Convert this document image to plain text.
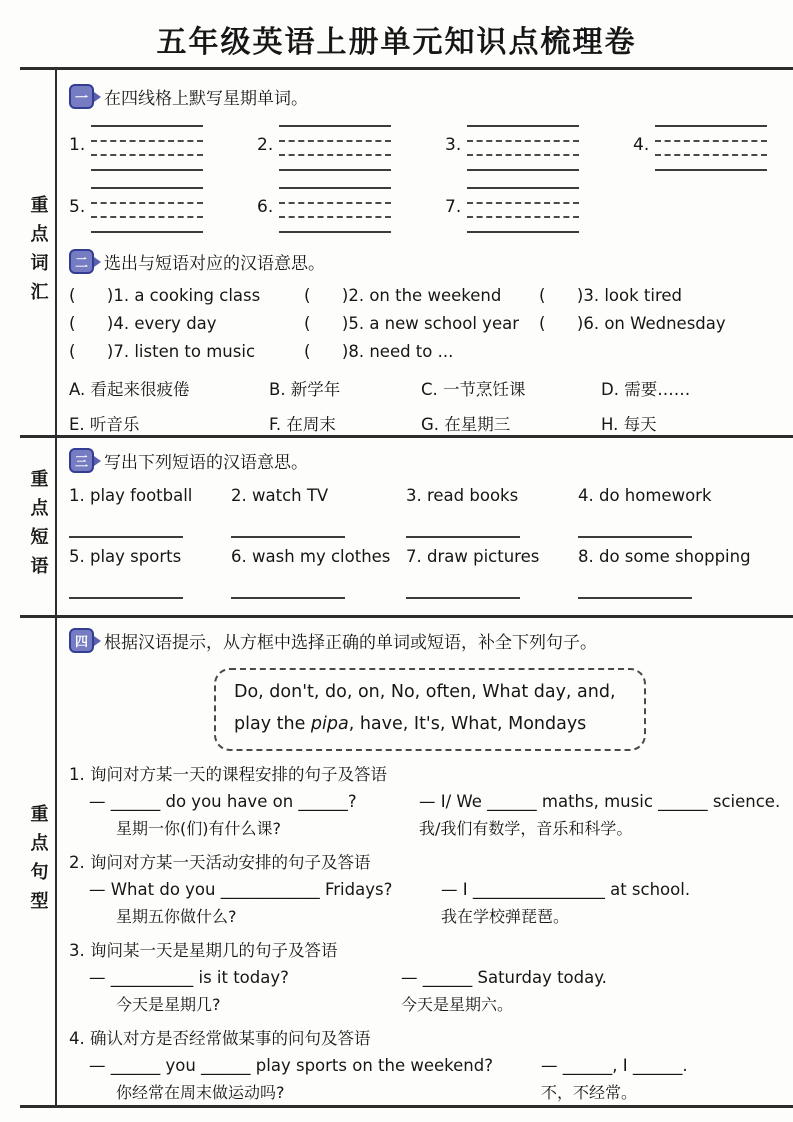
五年级英语上册单元知识点梳理卷
重点词汇
一 在四线格上默写星期单词。
1.	2.	3.	4.
5.	6.	7.
二 选出与短语对应的汉语意思。
(      )1. a cooking class	(      )2. on the weekend	(      )3. look tired
(      )4. every day	(      )5. a new school year	(      )6. on Wednesday
(      )7. listen to music	(      )8. need to ...
A. 看起来很疲倦	B. 新学年	C. 一节烹饪课	D. 需要……
E. 听音乐	F. 在周末	G. 在星期三	H. 每天
重点短语
三 写出下列短语的汉语意思。
1. play football	2. watch TV	3. read books	4. do homework
5. play sports	6. wash my clothes 7. draw pictures	8. do some shopping
重点句型
四 根据汉语提示，从方框中选择正确的单词或短语，补全下列句子。
Do, don't, do, on, No, often, What day, and,
play the pipa, have, It's, What, Mondays
1. 询问对方某一天的课程安排的句子及答语
— ______ do you have on ______?	— I/ We ______ maths, music ______ science.
星期一你(们)有什么课?	我/我们有数学，音乐和科学。
2. 询问对方某一天活动安排的句子及答语
— What do you ____________ Fridays?	— I ________________ at school.
星期五你做什么?	我在学校弹琵琶。
3. 询问某一天是星期几的句子及答语
— __________ is it today?	— ______ Saturday today.
今天是星期几?	今天是星期六。
4. 确认对方是否经常做某事的问句及答语
— ______ you ______ play sports on the weekend?	— ______, I ______.
你经常在周末做运动吗?	不，不经常。
